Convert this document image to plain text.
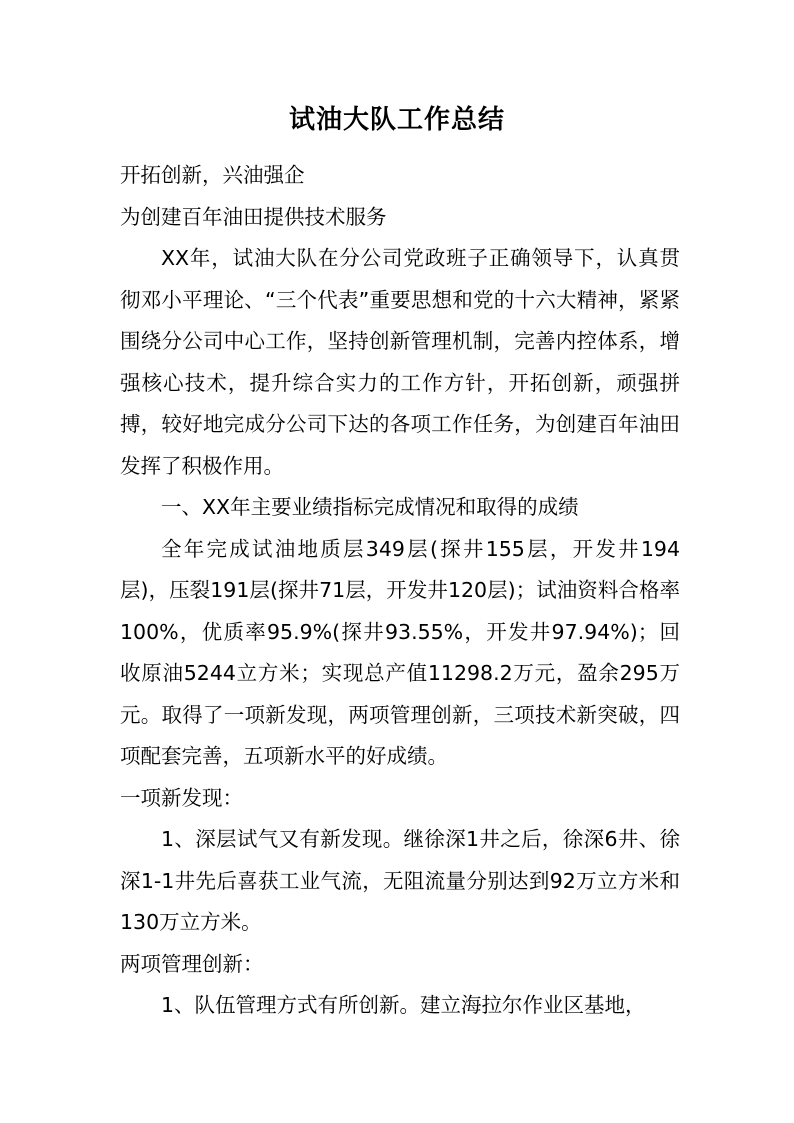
试油大队工作总结

开拓创新，兴油强企

为创建百年油田提供技术服务

XX年，试油大队在分公司党政班子正确领导下，认真贯彻邓小平理论、“三个代表”重要思想和党的十六大精神，紧紧围绕分公司中心工作，坚持创新管理机制，完善内控体系，增强核心技术，提升综合实力的工作方针，开拓创新，顽强拼搏，较好地完成分公司下达的各项工作任务，为创建百年油田发挥了积极作用。

一、XX年主要业绩指标完成情况和取得的成绩

全年完成试油地质层349层(探井155层，开发井194层)，压裂191层(探井71层，开发井120层)；试油资料合格率100%，优质率95.9%(探井93.55%，开发井97.94%)；回收原油5244立方米；实现总产值11298.2万元，盈余295万元。取得了一项新发现，两项管理创新，三项技术新突破，四项配套完善，五项新水平的好成绩。

一项新发现：

1、深层试气又有新发现。继徐深1井之后，徐深6井、徐深1-1井先后喜获工业气流，无阻流量分别达到92万立方米和130万立方米。

两项管理创新：

1、队伍管理方式有所创新。建立海拉尔作业区基地，
